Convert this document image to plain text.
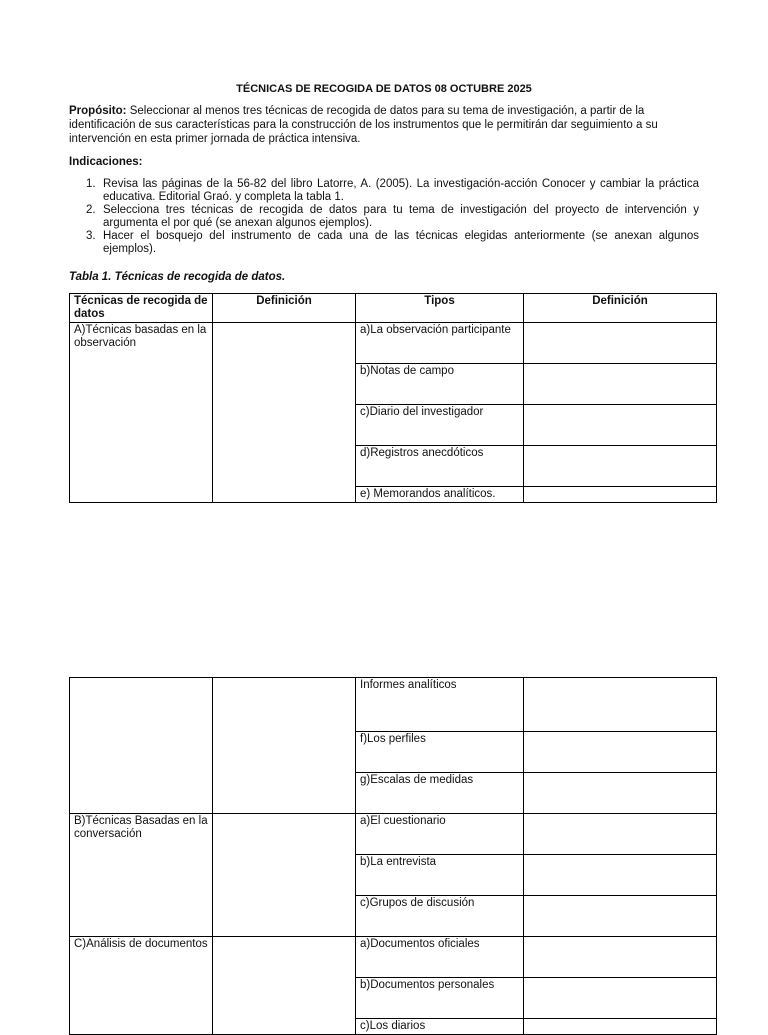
TÉCNICAS DE RECOGIDA DE DATOS 08 OCTUBRE 2025
Propósito: Seleccionar al menos tres técnicas de recogida de datos para su tema de investigación, a partir de la identificación de sus características para la construcción de los instrumentos que le permitirán dar seguimiento a su intervención en esta primer jornada de práctica intensiva.
Indicaciones:
1. Revisa las páginas de la 56-82 del libro Latorre, A. (2005). La investigación-acción Conocer y cambiar la práctica educativa. Editorial Graó. y completa la tabla 1.
2. Selecciona tres técnicas de recogida de datos para tu tema de investigación del proyecto de intervención y argumenta el por qué (se anexan algunos ejemplos).
3. Hacer el bosquejo del instrumento de cada una de las técnicas elegidas anteriormente (se anexan algunos ejemplos).
Tabla 1. Técnicas de recogida de datos.
Técnicas de recogida de datos	Definición	Tipos	Definición
A)Técnicas basadas en la observación		a)La observación participante	
		b)Notas de campo	
		c)Diario del investigador	
		d)Registros anecdóticos	
		e) Memorandos analíticos.	
		Informes analíticos	
		f)Los perfiles	
		g)Escalas de medidas	
B)Técnicas Basadas en la conversación		a)El cuestionario	
		b)La entrevista	
		c)Grupos de discusión	
C)Análisis de documentos		a)Documentos oficiales	
		b)Documentos personales	
		c)Los diarios	
